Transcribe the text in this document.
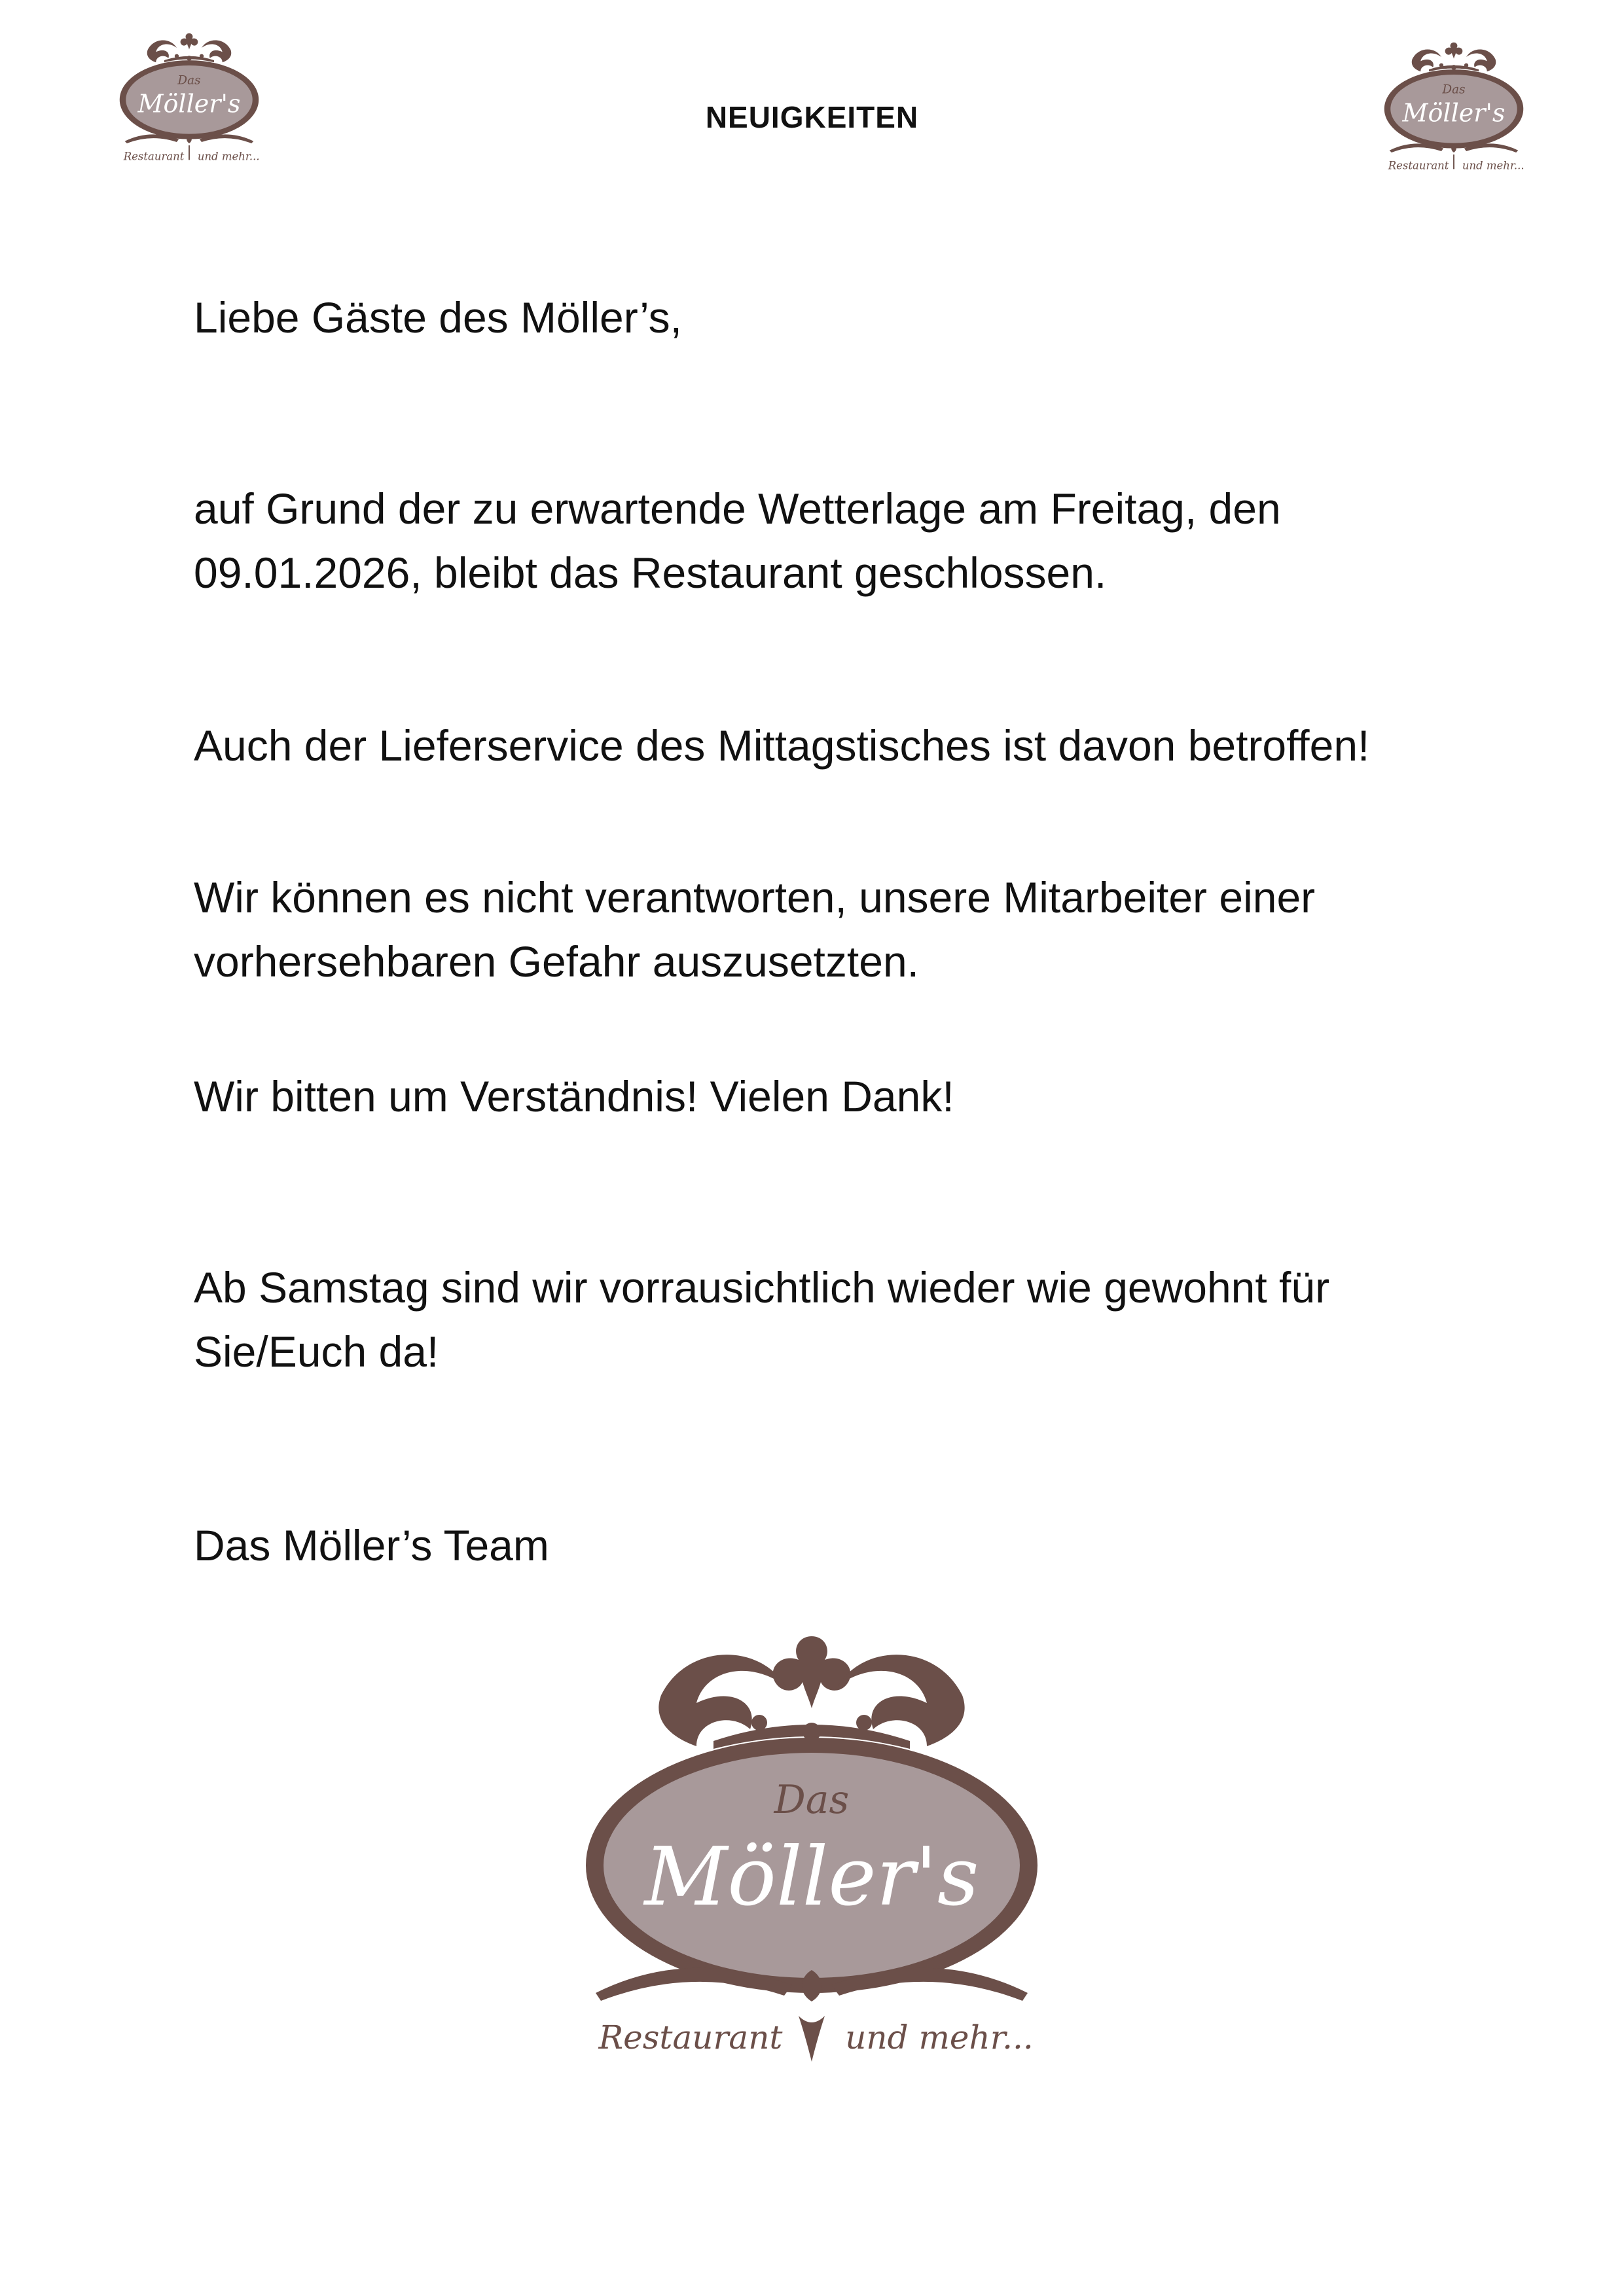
Das
Möller's
Restaurant und mehr...
NEUIGKEITEN
Das
Möller's
Restaurant und mehr...

Liebe Gäste des Möller’s,

auf Grund der zu erwartende Wetterlage am Freitag, den 09.01.2026, bleibt das Restaurant geschlossen.

Auch der Lieferservice des Mittagstisches ist davon betroffen!

Wir können es nicht verantworten, unsere Mitarbeiter einer vorhersehbaren Gefahr auszusetzten.

Wir bitten um Verständnis! Vielen Dank!

Ab Samstag sind wir vorrausichtlich wieder wie gewohnt für Sie/Euch da!

Das Möller’s Team

Das
Möller's
Restaurant und mehr...
